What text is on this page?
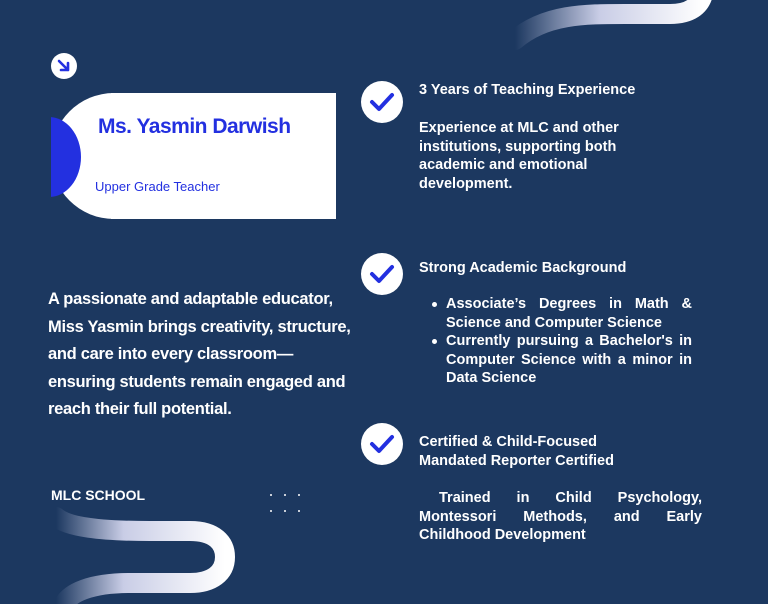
Ms. Yasmin Darwish
Upper Grade Teacher
A passionate and adaptable educator, Miss Yasmin brings creativity, structure, and care into every classroom—ensuring students remain engaged and reach their full potential.
MLC SCHOOL
3 Years of Teaching Experience
Experience at MLC and other institutions, supporting both academic and emotional development.
Strong Academic Background
Associate’s Degrees in Math & Science and Computer Science
Currently pursuing a Bachelor's in Computer Science with a minor in Data Science
Certified & Child-Focused
Mandated Reporter Certified
Trained in Child Psychology, Montessori Methods, and Early Childhood Development
